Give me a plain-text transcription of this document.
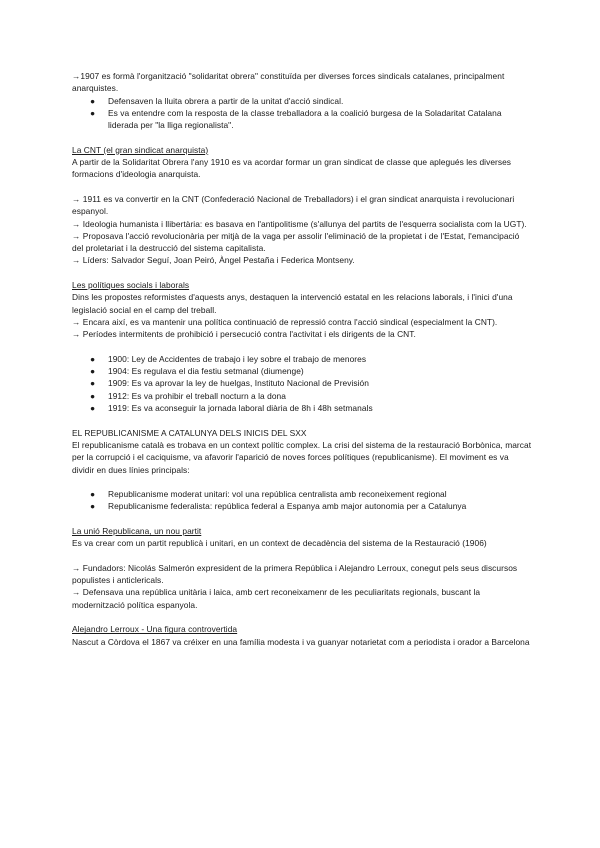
→1907 es formà l'organització "solidaritat obrera" constituïda per diverses forces sindicals catalanes, principalment anarquistes.

● Defensaven la lluita obrera a partir de la unitat d'acció sindical.
● Es va entendre com la resposta de la classe treballadora a la coalició burgesa de la Soladaritat Catalana liderada per "la lliga regionalista".

La CNT (el gran sindicat anarquista)

A partir de la Solidaritat Obrera l'any 1910 es va acordar formar un gran sindicat de classe que aplegués les diverses formacions d'ideologia anarquista.

→ 1911 es va convertir en la CNT (Confederació Nacional de Treballadors) i el gran sindicat anarquista i revolucionari espanyol.

→ Ideologia humanista i llibertària: es basava en l'antipolitisme (s'allunya del partits de l'esquerra socialista com la UGT).

→ Proposava l'acció revolucionària per mitjà de la vaga per assolir l'eliminació de la propietat i de l'Estat, l'emancipació del proletariat i la destrucció del sistema capitalista.

→ Líders: Salvador Seguí, Joan Peiró, Àngel Pestaña i Federica Montseny.

Les polítiques socials i laborals

Dins les propostes reformistes d'aquests anys, destaquen la intervenció estatal en les relacions laborals, i l'inici d'una legislació social en el camp del treball.

→ Encara així, es va mantenir una política continuació de repressió contra l'acció sindical (especialment la CNT).

→ Períodes intermitents de prohibició i persecució contra l'activitat i els dirigents de la CNT.

● 1900: Ley de Accidentes de trabajo i ley sobre el trabajo de menores
● 1904: Es regulava el dia festiu setmanal (diumenge)
● 1909: Es va aprovar la ley de huelgas, Instituto Nacional de Previsión
● 1912: Es va prohibir el treball nocturn a la dona
● 1919: Es va aconseguir la jornada laboral diària de 8h i 48h setmanals

EL REPUBLICANISME A CATALUNYA DELS INICIS DEL SXX

El republicanisme català es trobava en un context polític complex. La crisi del sistema de la restauració Borbònica, marcat per la corrupció i el caciquisme, va afavorir l'aparició de noves forces polítiques (republicanisme). El moviment es va dividir en dues línies principals:

● Republicanisme moderat unitari: vol una república centralista amb reconeixement regional
● Republicanisme federalista: república federal a Espanya amb major autonomia per a Catalunya

La unió Republicana, un nou partit

Es va crear com un partit republicà i unitari, en un context de decadència del sistema de la Restauració (1906)

→ Fundadors: Nicolás Salmerón expresident de la primera República i Alejandro Lerroux, conegut pels seus discursos populistes i anticlericals.

→ Defensava una república unitària i laica, amb cert reconeixamenr de les peculiaritats regionals, buscant la modernització política espanyola.

Alejandro Lerroux - Una figura controvertida

Nascut a Còrdova el 1867 va créixer en una família modesta i va guanyar notarietat com a periodista i orador a Barcelona
